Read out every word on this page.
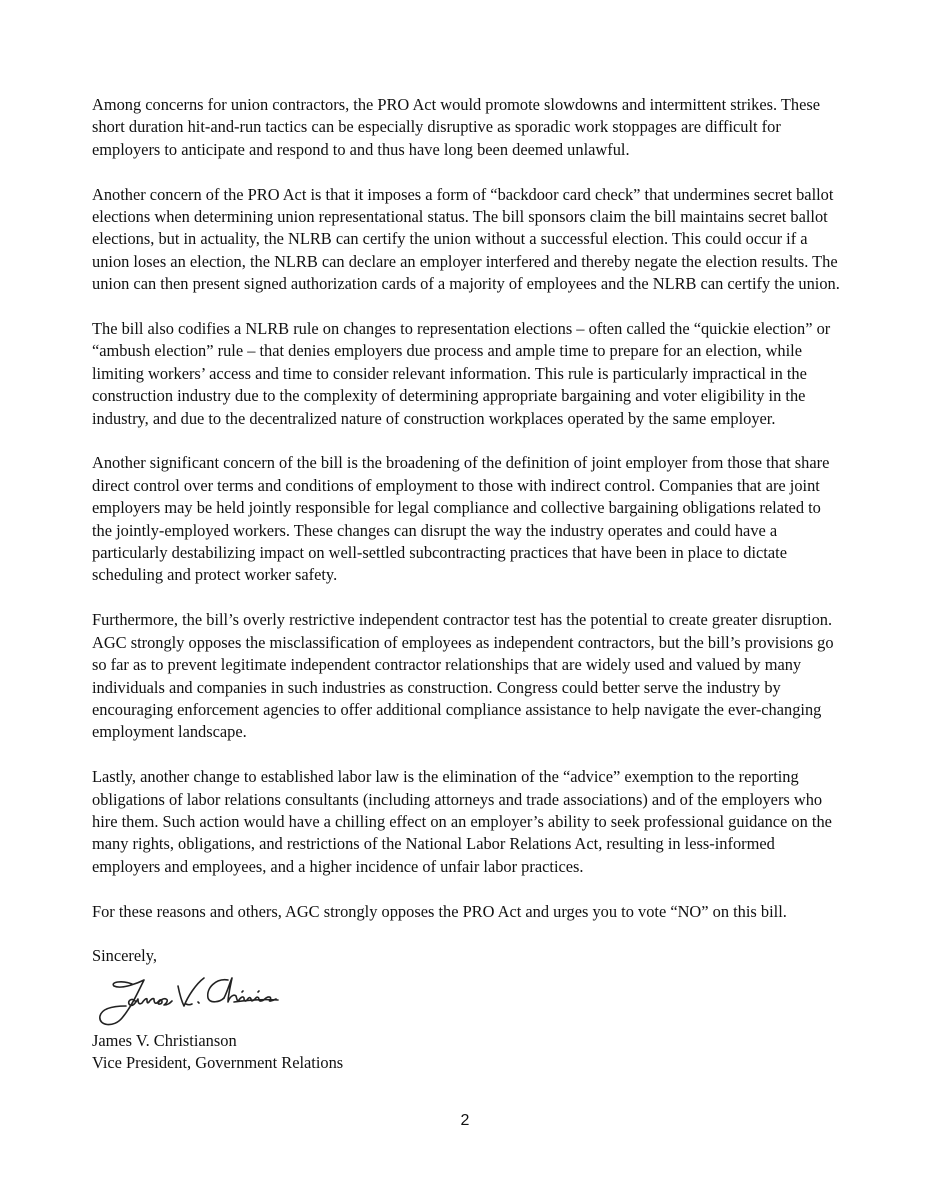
Among concerns for union contractors, the PRO Act would promote slowdowns and intermittent strikes. These short duration hit-and-run tactics can be especially disruptive as sporadic work stoppages are difficult for employers to anticipate and respond to and thus have long been deemed unlawful.

Another concern of the PRO Act is that it imposes a form of “backdoor card check” that undermines secret ballot elections when determining union representational status. The bill sponsors claim the bill maintains secret ballot elections, but in actuality, the NLRB can certify the union without a successful election. This could occur if a union loses an election, the NLRB can declare an employer interfered and thereby negate the election results. The union can then present signed authorization cards of a majority of employees and the NLRB can certify the union.

The bill also codifies a NLRB rule on changes to representation elections – often called the “quickie election” or “ambush election” rule – that denies employers due process and ample time to prepare for an election, while limiting workers’ access and time to consider relevant information. This rule is particularly impractical in the construction industry due to the complexity of determining appropriate bargaining and voter eligibility in the industry, and due to the decentralized nature of construction workplaces operated by the same employer.

Another significant concern of the bill is the broadening of the definition of joint employer from those that share direct control over terms and conditions of employment to those with indirect control. Companies that are joint employers may be held jointly responsible for legal compliance and collective bargaining obligations related to the jointly-employed workers. These changes can disrupt the way the industry operates and could have a particularly destabilizing impact on well-settled subcontracting practices that have been in place to dictate scheduling and protect worker safety.

Furthermore, the bill’s overly restrictive independent contractor test has the potential to create greater disruption. AGC strongly opposes the misclassification of employees as independent contractors, but the bill’s provisions go so far as to prevent legitimate independent contractor relationships that are widely used and valued by many individuals and companies in such industries as construction. Congress could better serve the industry by encouraging enforcement agencies to offer additional compliance assistance to help navigate the ever-changing employment landscape.

Lastly, another change to established labor law is the elimination of the “advice” exemption to the reporting obligations of labor relations consultants (including attorneys and trade associations) and of the employers who hire them. Such action would have a chilling effect on an employer’s ability to seek professional guidance on the many rights, obligations, and restrictions of the National Labor Relations Act, resulting in less-informed employers and employees, and a higher incidence of unfair labor practices.

For these reasons and others, AGC strongly opposes the PRO Act and urges you to vote “NO” on this bill.

Sincerely,

James V. Christianson

Vice President, Government Relations

2
